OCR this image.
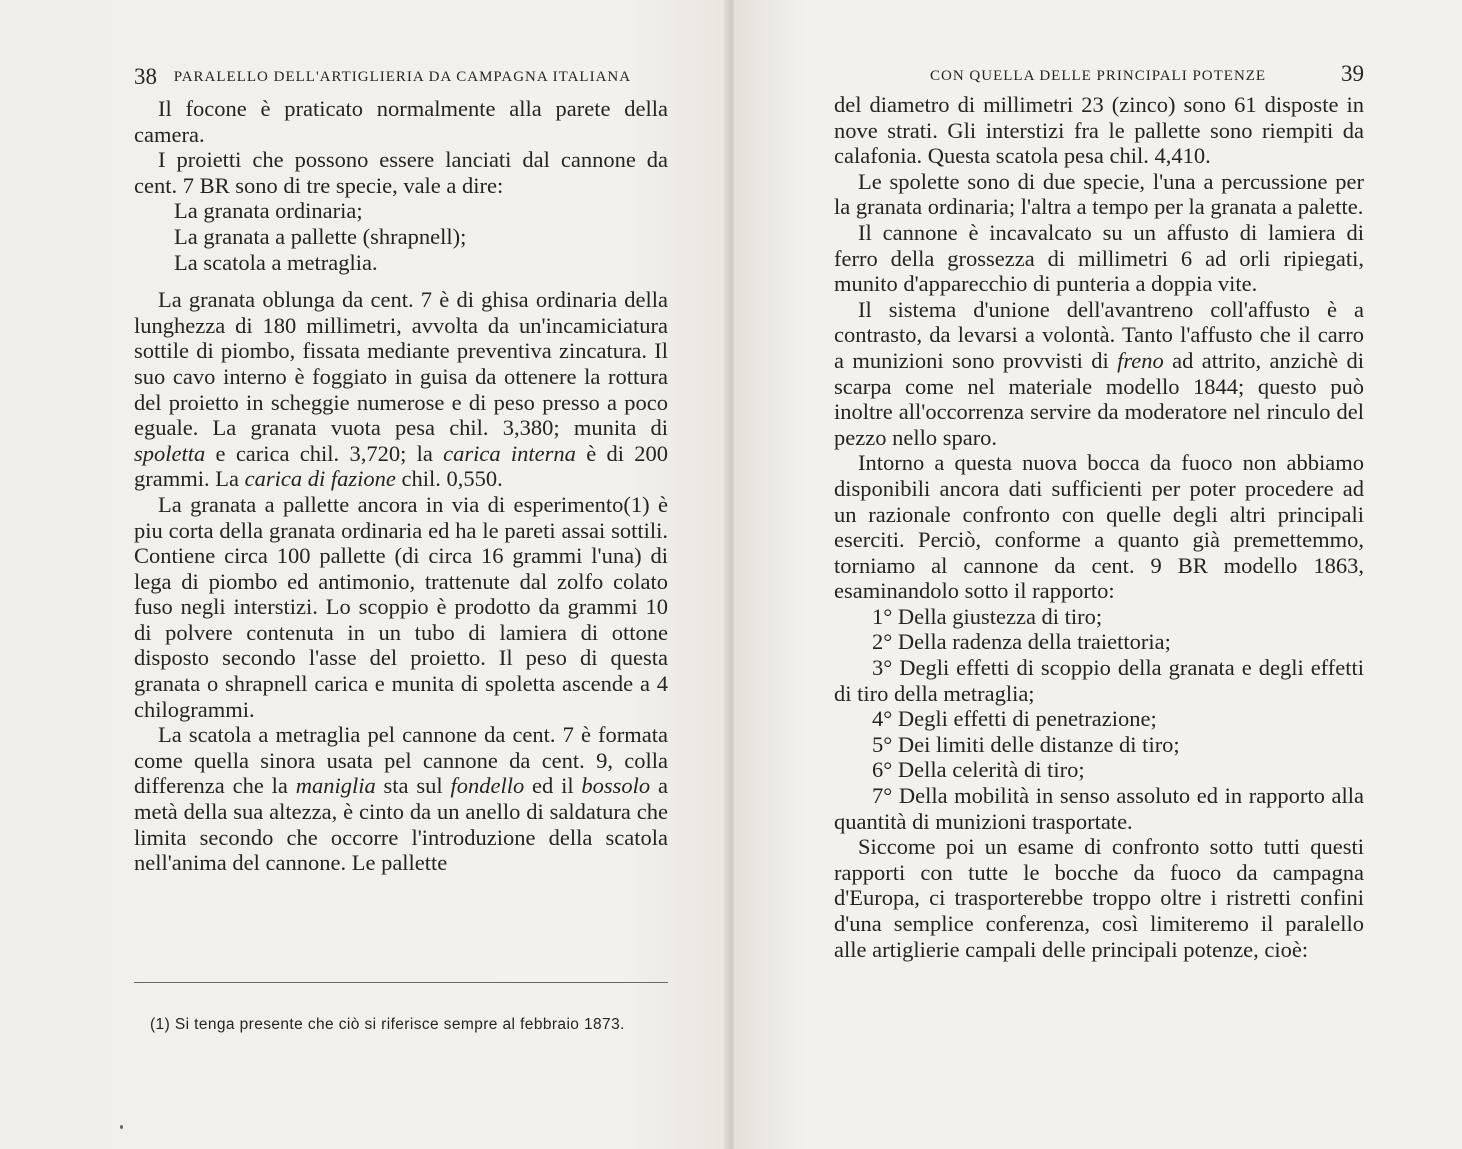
38 PARALELLO DELL'ARTIGLIERIA DA CAMPAGNA ITALIANA

Il focone è praticato normalmente alla parete della camera.

I proietti che possono essere lanciati dal cannone da cent. 7 BR sono di tre specie, vale a dire:

La granata ordinaria;

La granata a pallette (shrapnell);

La scatola a metraglia.

La granata oblunga da cent. 7 è di ghisa ordinaria della lunghezza di 180 millimetri, avvolta da un'incamiciatura sottile di piombo, fissata mediante preventiva zincatura. Il suo cavo interno è foggiato in guisa da ottenere la rottura del proietto in scheggie numerose e di peso presso a poco eguale. La granata vuota pesa chil. 3,380; munita di spoletta e carica chil. 3,720; la carica interna è di 200 grammi. La carica di fazione chil. 0,550.

La granata a pallette ancora in via di esperimento(1) è piu corta della granata ordinaria ed ha le pareti assai sottili. Contiene circa 100 pallette (di circa 16 grammi l'una) di lega di piombo ed antimonio, trattenute dal zolfo colato fuso negli interstizi. Lo scoppio è prodotto da grammi 10 di polvere contenuta in un tubo di lamiera di ottone disposto secondo l'asse del proietto. Il peso di questa granata o shrapnell carica e munita di spoletta ascende a 4 chilogrammi.

La scatola a metraglia pel cannone da cent. 7 è formata come quella sinora usata pel cannone da cent. 9, colla differenza che la maniglia sta sul fondello ed il bossolo a metà della sua altezza, è cinto da un anello di saldatura che limita secondo che occorre l'introduzione della scatola nell'anima del cannone. Le pallette

(1) Si tenga presente che ciò si riferisce sempre al febbraio 1873.
CON QUELLA DELLE PRINCIPALI POTENZE	39

del diametro di millimetri 23 (zinco) sono 61 disposte in nove strati. Gli interstizi fra le pallette sono riempiti da calafonia. Questa scatola pesa chil. 4,410.

Le spolette sono di due specie, l'una a percussione per la granata ordinaria; l'altra a tempo per la granata a palette.

Il cannone è incavalcato su un affusto di lamiera di ferro della grossezza di millimetri 6 ad orli ripiegati, munito d'apparecchio di punteria a doppia vite.

Il sistema d'unione dell'avantreno coll'affusto è a contrasto, da levarsi a volontà. Tanto l'affusto che il carro a munizioni sono provvisti di freno ad attrito, anzichè di scarpa come nel materiale modello 1844; questo può inoltre all'occorrenza servire da moderatore nel rinculo del pezzo nello sparo.

Intorno a questa nuova bocca da fuoco non abbiamo disponibili ancora dati sufficienti per poter procedere ad un razionale confronto con quelle degli altri principali eserciti. Perciò, conforme a quanto già premettemmo, torniamo al cannone da cent. 9 BR modello 1863, esaminandolo sotto il rapporto:

1° Della giustezza di tiro;

2° Della radenza della traiettoria;

3° Degli effetti di scoppio della granata e degli effetti di tiro della metraglia;

4° Degli effetti di penetrazione;

5° Dei limiti delle distanze di tiro;

6° Della celerità di tiro;

7° Della mobilità in senso assoluto ed in rapporto alla quantità di munizioni trasportate.

Siccome poi un esame di confronto sotto tutti questi rapporti con tutte le bocche da fuoco da campagna d'Europa, ci trasporterebbe troppo oltre i ristretti confini d'una semplice conferenza, così limiteremo il paralello alle artiglierie campali delle principali potenze, cioè:
